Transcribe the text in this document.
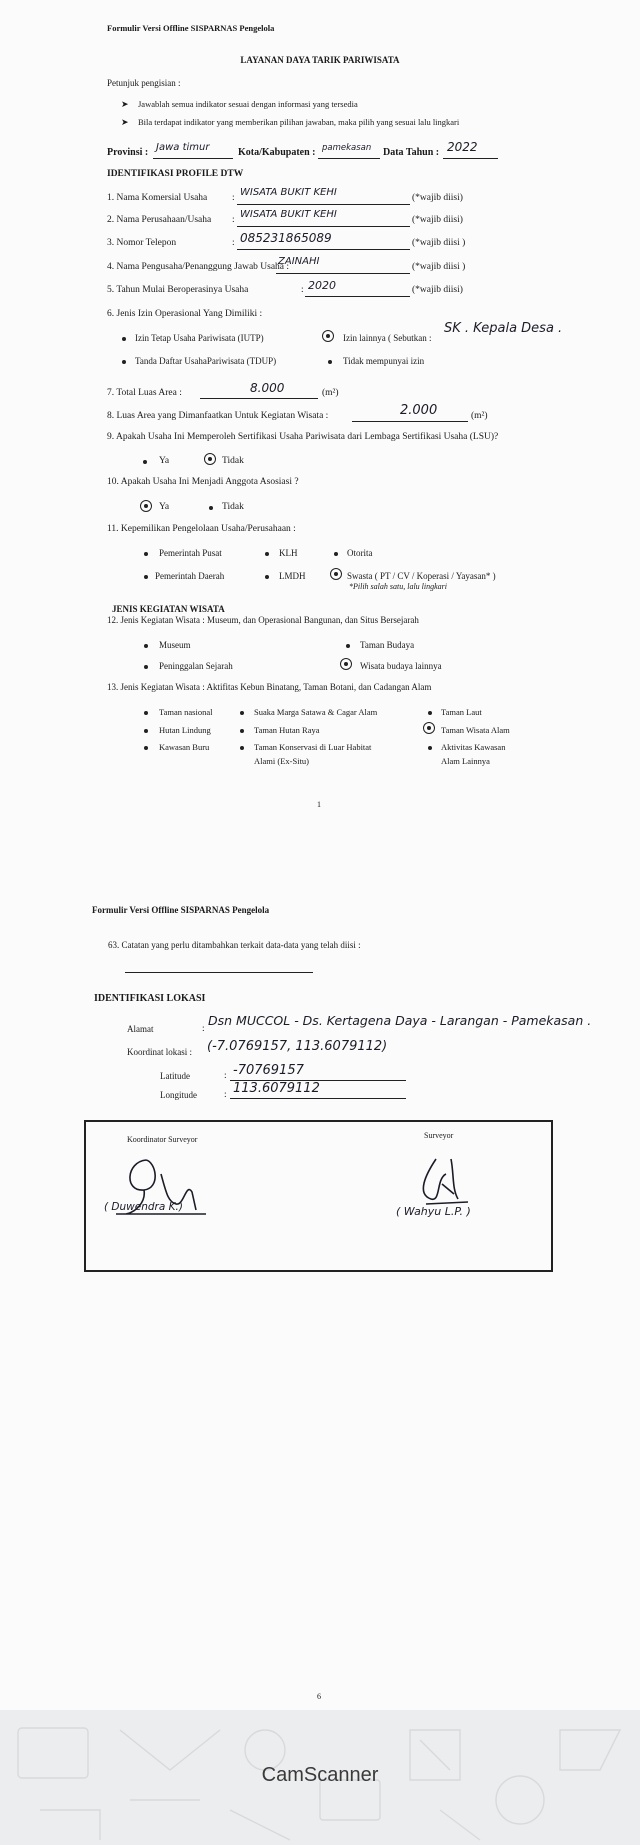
Formulir Versi Offline SISPARNAS Pengelola
LAYANAN DAYA TARIK PARIWISATA
Petunjuk pengisian :
➤ Jawablah semua indikator sesuai dengan informasi yang tersedia
➤ Bila terdapat indikator yang memberikan pilihan jawaban, maka pilih yang sesuai lalu lingkari
Provinsi : Jawa timur	Kota/Kabupaten : pamekasan Data Tahun : 2022
IDENTIFIKASI PROFILE DTW
1. Nama Komersial Usaha	: WISATA BUKIT KEHI	(*wajib diisi)
2. Nama Perusahaan/Usaha : WISATA BUKIT KEHI	(*wajib diisi)
3. Nomor Telepon	: 085231865089	(*wajib diisi )
4. Nama Pengusaha/Penanggung Jawab Usaha :
ZAINAHI	(*wajib diisi )
5. Tahun Mulai Beroperasinya Usaha	: 2020	(*wajib diisi)
6. Jenis Izin Operasional Yang Dimiliki :
Izin Tetap Usaha Pariwisata (IUTP)	Izin lainnya ( Sebutkan :
SK . Kepala Desa .
Tanda Daftar UsahaPariwisata (TDUP)	Tidak mempunyai izin
7. Total Luas Area :	8.000	(m²)
8. Luas Area yang Dimanfaatkan Untuk Kegiatan Wisata :	2.000	(m²)
9. Apakah Usaha Ini Memperoleh Sertifikasi Usaha Pariwisata dari Lembaga Sertifikasi Usaha (LSU)?
Ya	Tidak
10. Apakah Usaha Ini Menjadi Anggota Asosiasi ?
Ya	Tidak
11. Kepemilikan Pengelolaan Usaha/Perusahaan :
Pemerintah Pusat	KLH	Otorita
Pemerintah Daerah	LMDH	Swasta ( PT / CV / Koperasi / Yayasan* )
*Pilih salah satu, lalu lingkari
JENIS KEGIATAN WISATA
12. Jenis Kegiatan Wisata : Museum, dan Operasional Bangunan, dan Situs Bersejarah
Museum	Taman Budaya
Peninggalan Sejarah	Wisata budaya lainnya
13. Jenis Kegiatan Wisata : Aktifitas Kebun Binatang, Taman Botani, dan Cadangan Alam
Taman nasional	Suaka Marga Satawa & Cagar Alam	Taman Laut
Hutan Lindung	Taman Hutan Raya	Taman Wisata Alam
Kawasan Buru	Taman Konservasi di Luar Habitat	Aktivitas Kawasan
Alami (Ex-Situ)	Alam Lainnya
1
Formulir Versi Offline SISPARNAS Pengelola
63. Catatan yang perlu ditambahkan terkait data-data yang telah diisi :
IDENTIFIKASI LOKASI
Alamat	:
Dsn MUCCOL - Ds. Kertagena Daya - Larangan - Pamekasan .
Koordinat lokasi : (-7.0769157, 113.6079112)
Latitude	: -70769157
Longitude	: 113.6079112
Koordinator Surveyor	Surveyor
( Duwendra K.)	( Wahyu L.P. )
6
CamScanner
